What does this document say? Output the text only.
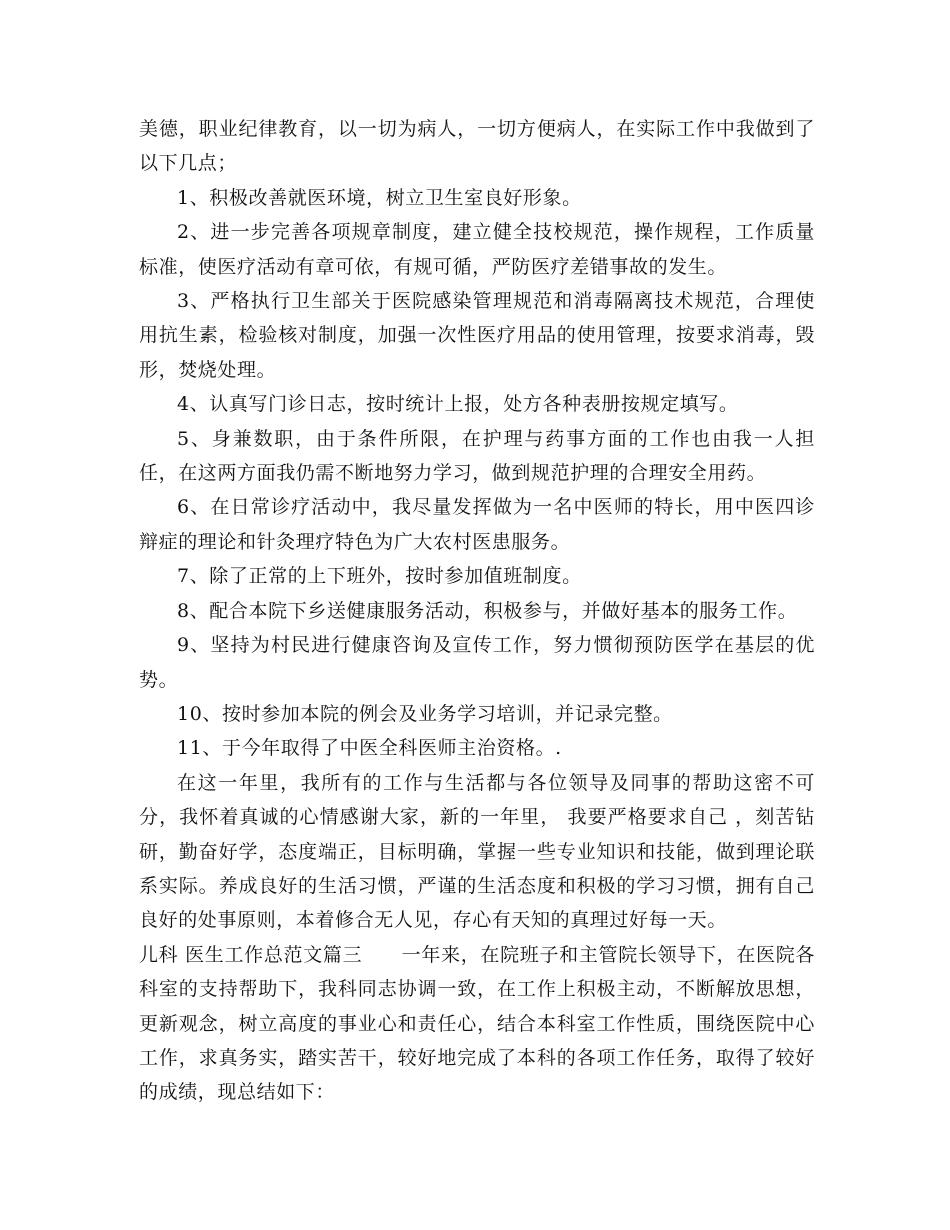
美德，职业纪律教育，以一切为病人，一切方便病人，在实际工作中我做到了以下几点；

1、积极改善就医环境，树立卫生室良好形象。

2、进一步完善各项规章制度，建立健全技校规范，操作规程，工作质量标准，使医疗活动有章可依，有规可循，严防医疗差错事故的发生。

3、严格执行卫生部关于医院感染管理规范和消毒隔离技术规范，合理使用抗生素，检验核对制度，加强一次性医疗用品的使用管理，按要求消毒，毁形，焚烧处理。

4、认真写门诊日志，按时统计上报，处方各种表册按规定填写。

5、身兼数职，由于条件所限，在护理与药事方面的工作也由我一人担任，在这两方面我仍需不断地努力学习，做到规范护理的合理安全用药。

6、在日常诊疗活动中，我尽量发挥做为一名中医师的特长，用中医四诊辩症的理论和针灸理疗特色为广大农村医患服务。

7、除了正常的上下班外，按时参加值班制度。

8、配合本院下乡送健康服务活动，积极参与，并做好基本的服务工作。

9、坚持为村民进行健康咨询及宣传工作，努力惯彻预防医学在基层的优势。

10、按时参加本院的例会及业务学习培训，并记录完整。

11、于今年取得了中医全科医师主治资格。.

在这一年里，我所有的工作与生活都与各位领导及同事的帮助这密不可分，我怀着真诚的心情感谢大家，新的一年里， 我要严格要求自己 ，刻苦钻研，勤奋好学，态度端正，目标明确，掌握一些专业知识和技能，做到理论联系实际。养成良好的生活习惯，严谨的生活态度和积极的学习习惯，拥有自己良好的处事原则，本着修合无人见，存心有天知的真理过好每一天。

儿科 医生工作总范文篇三　　一年来，在院班子和主管院长领导下，在医院各科室的支持帮助下，我科同志协调一致，在工作上积极主动，不断解放思想，更新观念，树立高度的事业心和责任心，结合本科室工作性质，围绕医院中心工作，求真务实，踏实苦干，较好地完成了本科的各项工作任务，取得了较好的成绩，现总结如下：
